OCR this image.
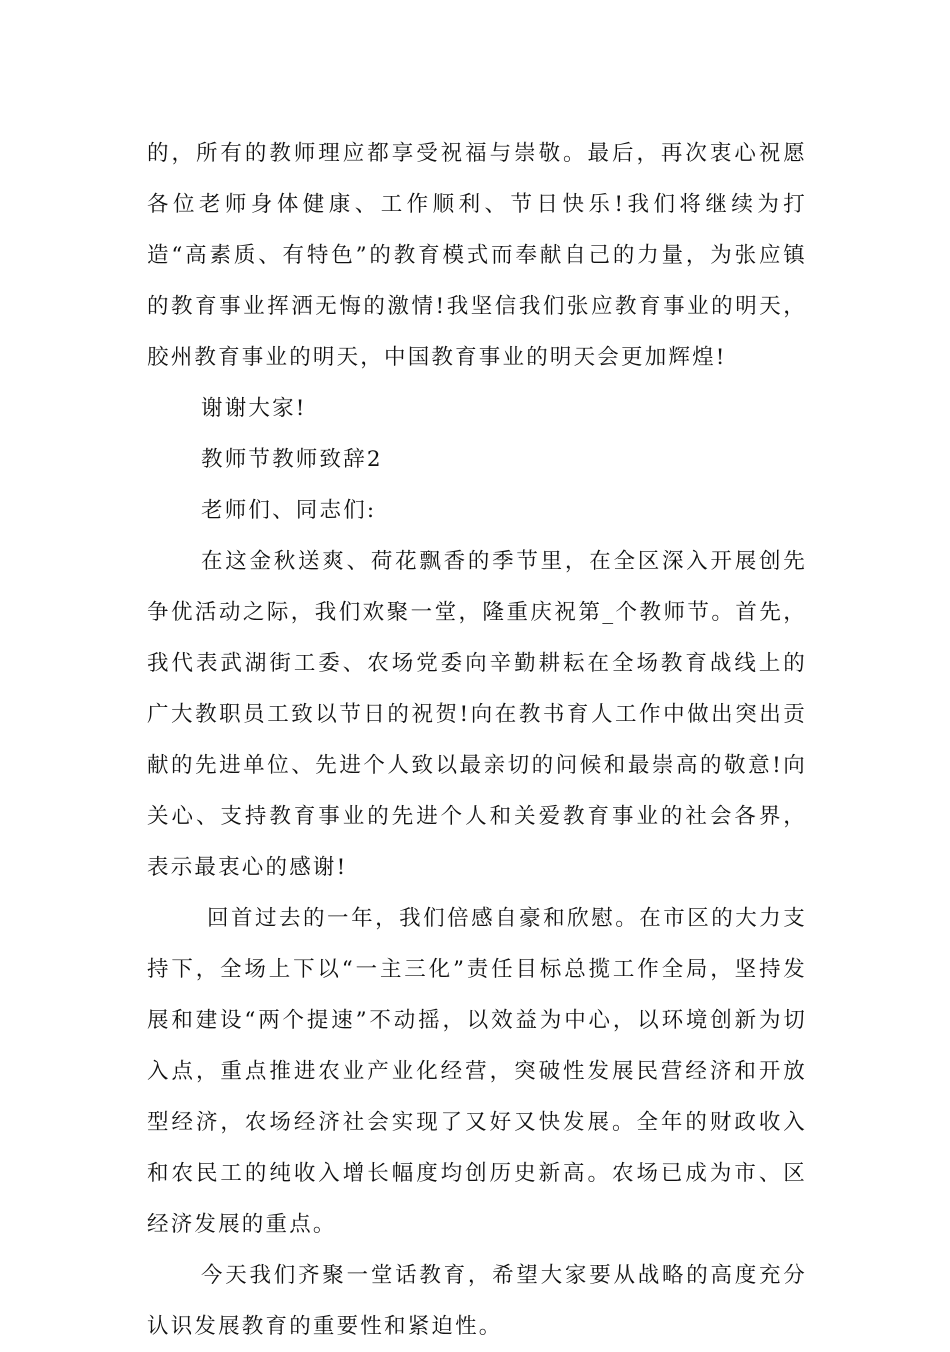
的，所有的教师理应都享受祝福与崇敬。最后，再次衷心祝愿各位老师身体健康、工作顺利、节日快乐!我们将继续为打造“高素质、有特色”的教育模式而奉献自己的力量，为张应镇的教育事业挥洒无悔的激情!我坚信我们张应教育事业的明天，胶州教育事业的明天，中国教育事业的明天会更加辉煌!

谢谢大家!

教师节教师致辞2

老师们、同志们:

在这金秋送爽、荷花飘香的季节里，在全区深入开展创先争优活动之际，我们欢聚一堂，隆重庆祝第_个教师节。首先，我代表武湖街工委、农场党委向辛勤耕耘在全场教育战线上的广大教职员工致以节日的祝贺!向在教书育人工作中做出突出贡献的先进单位、先进个人致以最亲切的问候和最崇高的敬意!向关心、支持教育事业的先进个人和关爱教育事业的社会各界，表示最衷心的感谢!

回首过去的一年，我们倍感自豪和欣慰。在市区的大力支持下，全场上下以“一主三化”责任目标总揽工作全局，坚持发展和建设“两个提速”不动摇，以效益为中心，以环境创新为切入点，重点推进农业产业化经营，突破性发展民营经济和开放型经济，农场经济社会实现了又好又快发展。全年的财政收入和农民工的纯收入增长幅度均创历史新高。农场已成为市、区经济发展的重点。

今天我们齐聚一堂话教育，希望大家要从战略的高度充分认识发展教育的重要性和紧迫性。
